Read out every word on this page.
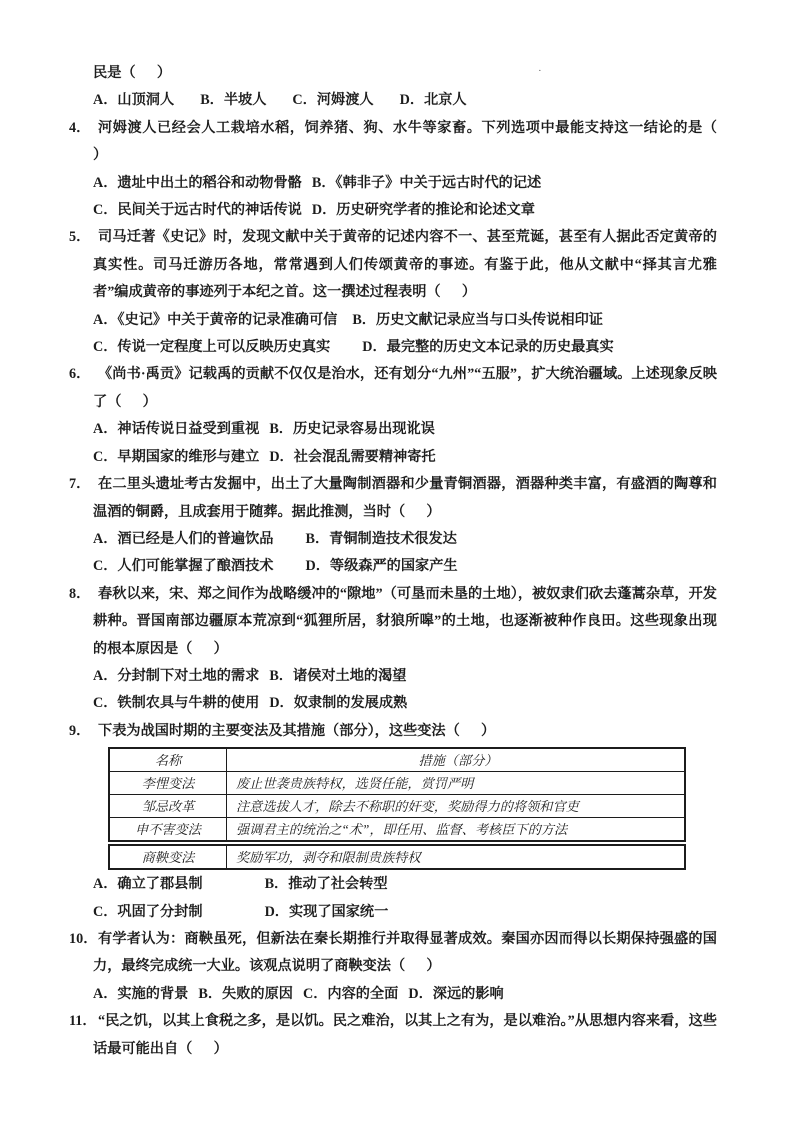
·

民是（      ）

A．山顶洞人 B．半坡人 C．河姆渡人 D．北京人
4． 河姆渡人已经会人工栽培水稻，饲养猪、狗、水牛等家畜。下列选项中最能支持这一结论的是（      ）

A．遗址中出土的稻谷和动物骨骼 B．《韩非子》中关于远古时代的记述
C．民间关于远古时代的神话传说 D．历史研究学者的推论和论述文章
5． 司马迁著《史记》时，发现文献中关于黄帝的记述内容不一、甚至荒诞，甚至有人据此否定黄帝的真实性。司马迁游历各地，常常遇到人们传颂黄帝的事迹。有鉴于此，他从文献中“择其言尤雅者”编成黄帝的事迹列于本纪之首。这一撰述过程表明（      ）

A．《史记》中关于黄帝的记录准确可信 B．历史文献记录应当与口头传说相印证
C．传说一定程度上可以反映历史真实 D．最完整的历史文本记录的历史最真实
6． 《尚书·禹贡》记载禹的贡献不仅仅是治水，还有划分“九州”“五服”，扩大统治疆域。上述现象反映了（      ）

A．神话传说日益受到重视 B．历史记录容易出现讹误
C．早期国家的维形与建立 D．社会混乱需要精神寄托
7． 在二里头遗址考古发掘中，出土了大量陶制酒器和少量青铜酒器，酒器种类丰富，有盛酒的陶尊和温酒的铜爵，且成套用于随葬。据此推测，当时（      ）

A．酒已经是人们的普遍饮品 B．青铜制造技术很发达
C．人们可能掌握了酿酒技术 D．等级森严的国家产生
8． 春秋以来，宋、郑之间作为战略缓冲的“隙地”（可垦而未垦的土地），被奴隶们砍去蓬蒿杂草，开发耕种。晋国南部边疆原本荒凉到“狐狸所居，豺狼所嗥”的土地，也逐渐被种作良田。这些现象出现的根本原因是（      ）

A．分封制下对土地的需求 B．诸侯对土地的渴望
C．铁制农具与牛耕的使用 D．奴隶制的发展成熟
9． 下表为战国时期的主要变法及其措施（部分），这些变法（      ）

名称	措施（部分）
李悝变法	废止世袭贵族特权，选贤任能，赏罚严明
邹忌改革	注意选拔人才，除去不称职的奸变，奖励得力的将领和官吏
申不害变法	强调君主的统治之“术”，即任用、监督、考核臣下的方法
商鞅变法	奖励军功，剥夺和限制贵族特权
A．确立了郡县制	B．推动了社会转型
C．巩固了分封制	D．实现了国家统一
10． 有学者认为：商鞅虽死，但新法在秦长期推行并取得显著成效。秦国亦因而得以长期保持强盛的国力，最终完成统一大业。该观点说明了商鞅变法（      ）

A．实施的背景 B．失败的原因 C．内容的全面 D．深远的影响
11． “民之饥，以其上食税之多，是以饥。民之难治，以其上之有为，是以难治。”从思想内容来看，这些话最可能出自（      ）
